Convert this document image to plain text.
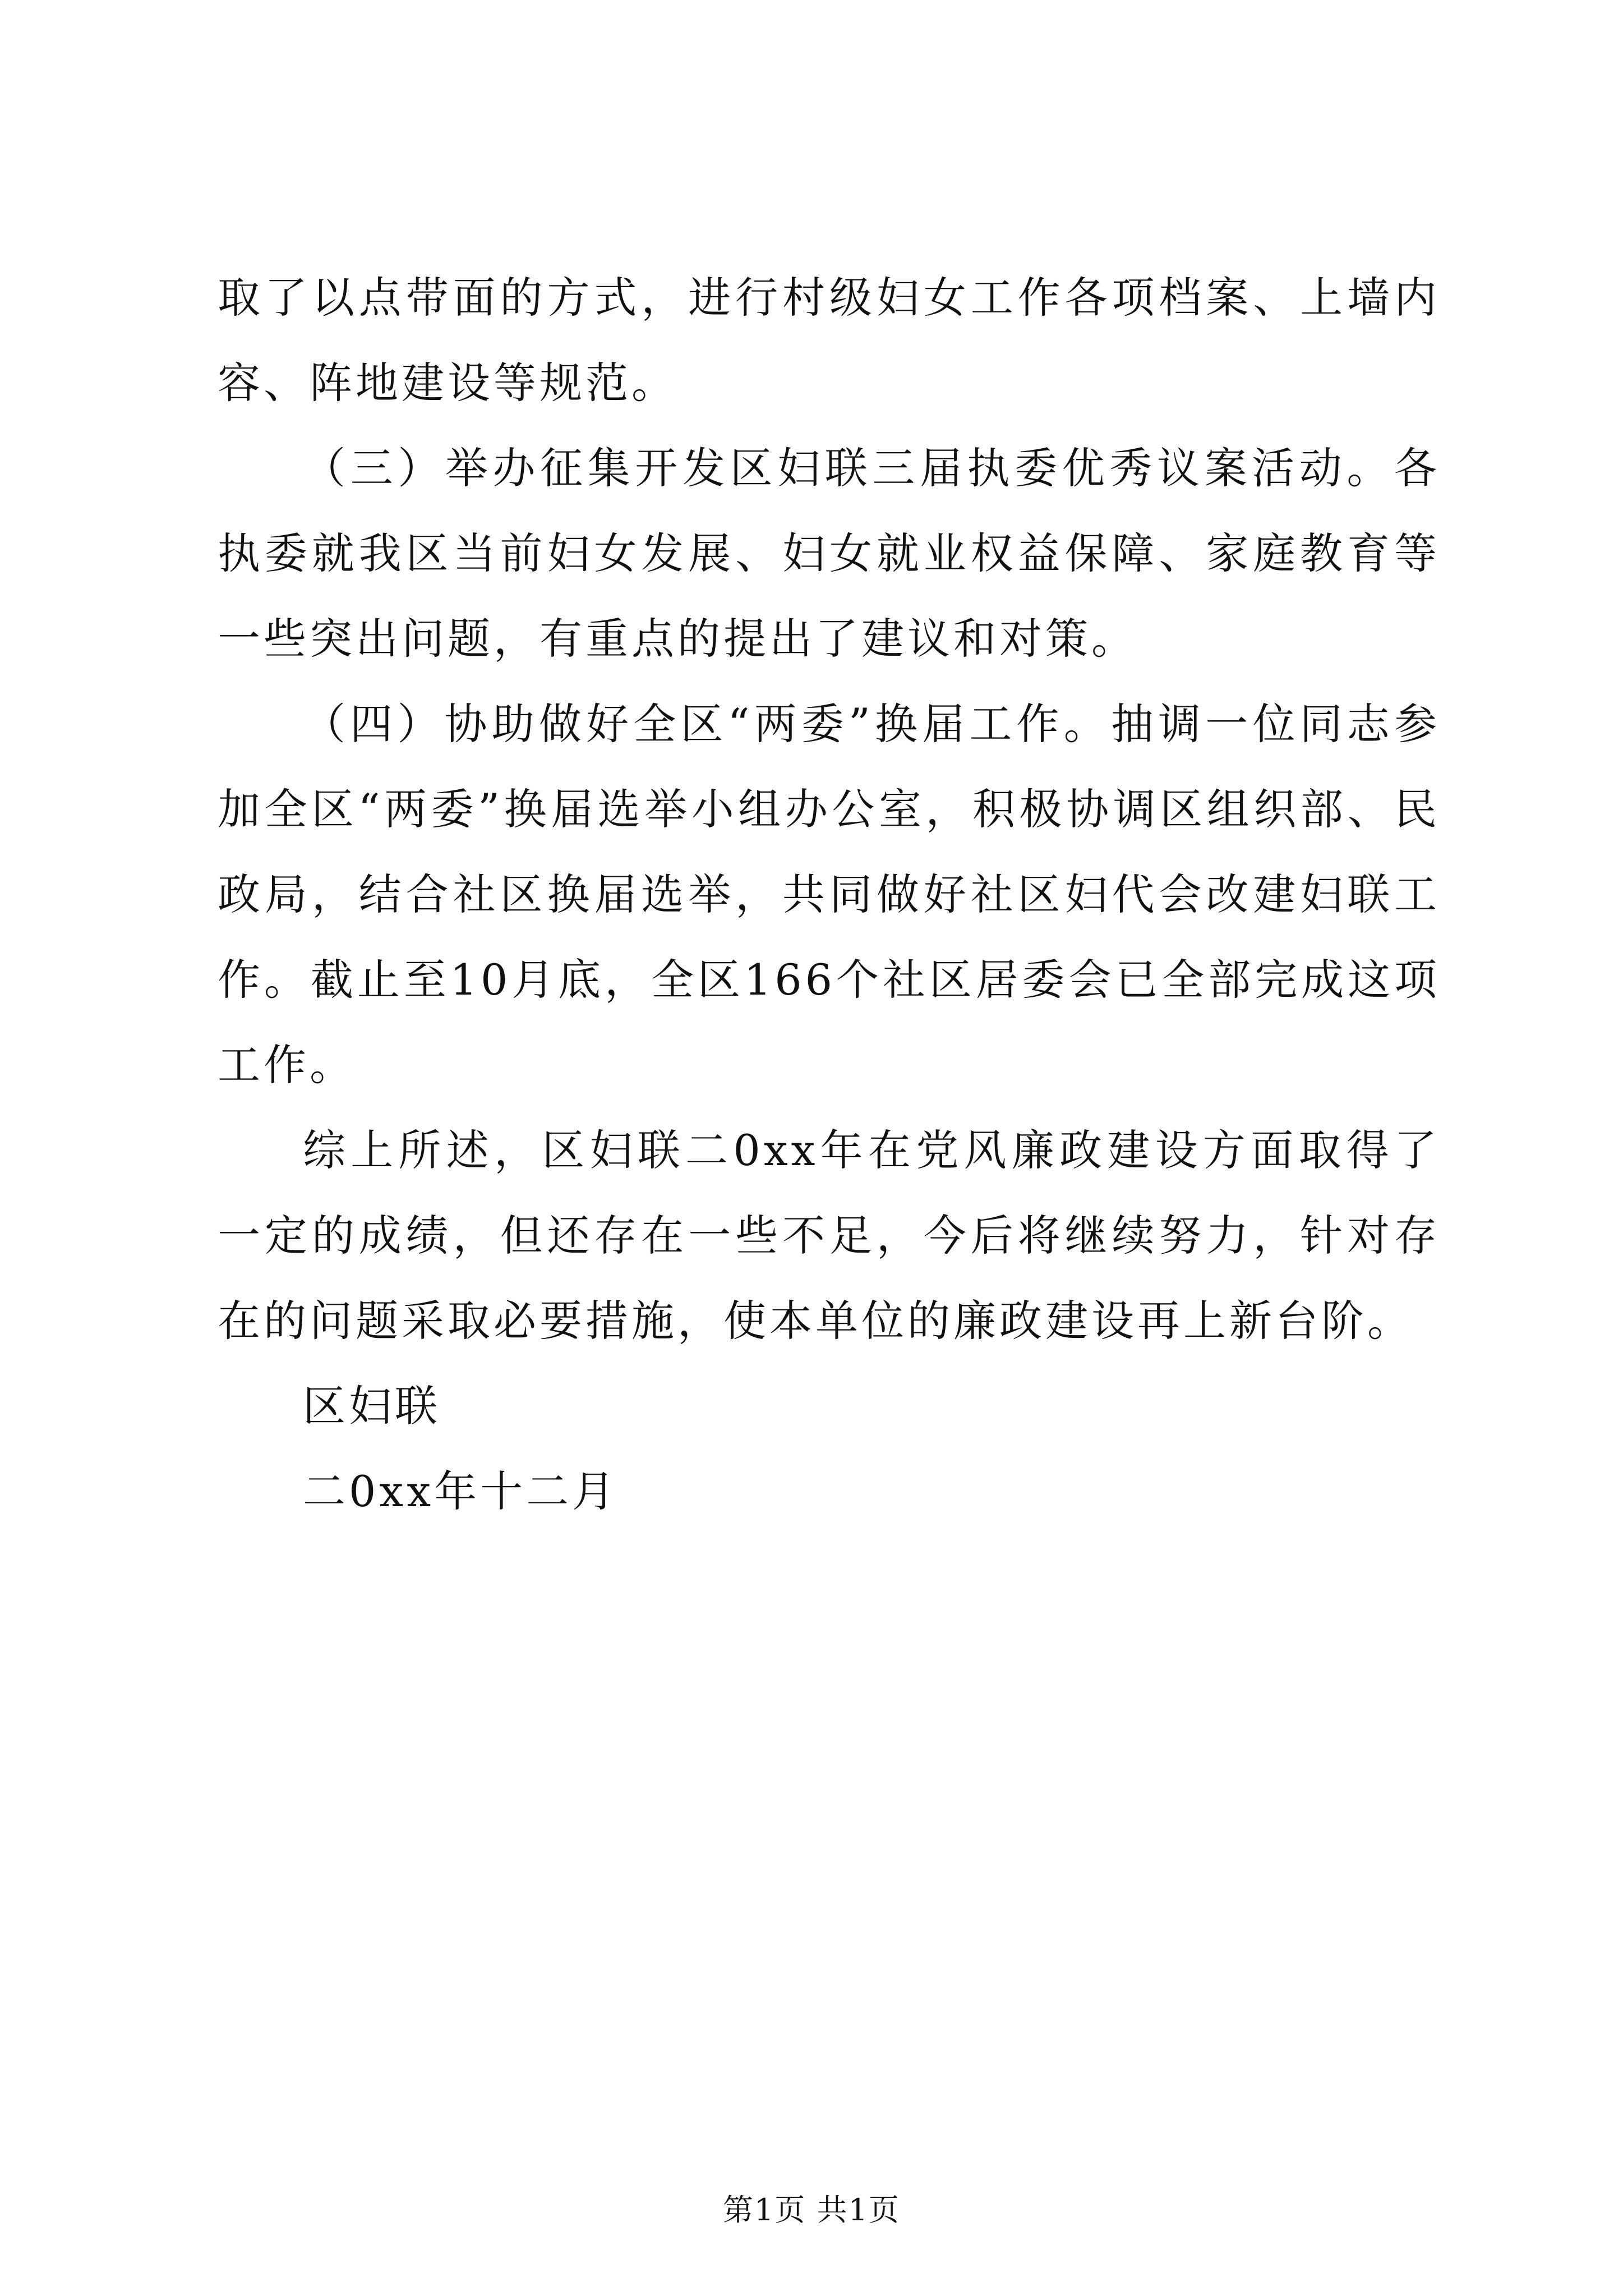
取了以点带面的方式，进行村级妇女工作各项档案、上墙内容、阵地建设等规范。

（三）举办征集开发区妇联三届执委优秀议案活动。各执委就我区当前妇女发展、妇女就业权益保障、家庭教育等一些突出问题，有重点的提出了建议和对策。

（四）协助做好全区“两委”换届工作。抽调一位同志参加全区“两委”换届选举小组办公室，积极协调区组织部、民政局，结合社区换届选举，共同做好社区妇代会改建妇联工作。截止至10月底，全区166个社区居委会已全部完成这项工作。

综上所述，区妇联二0xx年在党风廉政建设方面取得了一定的成绩，但还存在一些不足，今后将继续努力，针对存在的问题采取必要措施，使本单位的廉政建设再上新台阶。

区妇联

二0xx年十二月

第1页 共1页
